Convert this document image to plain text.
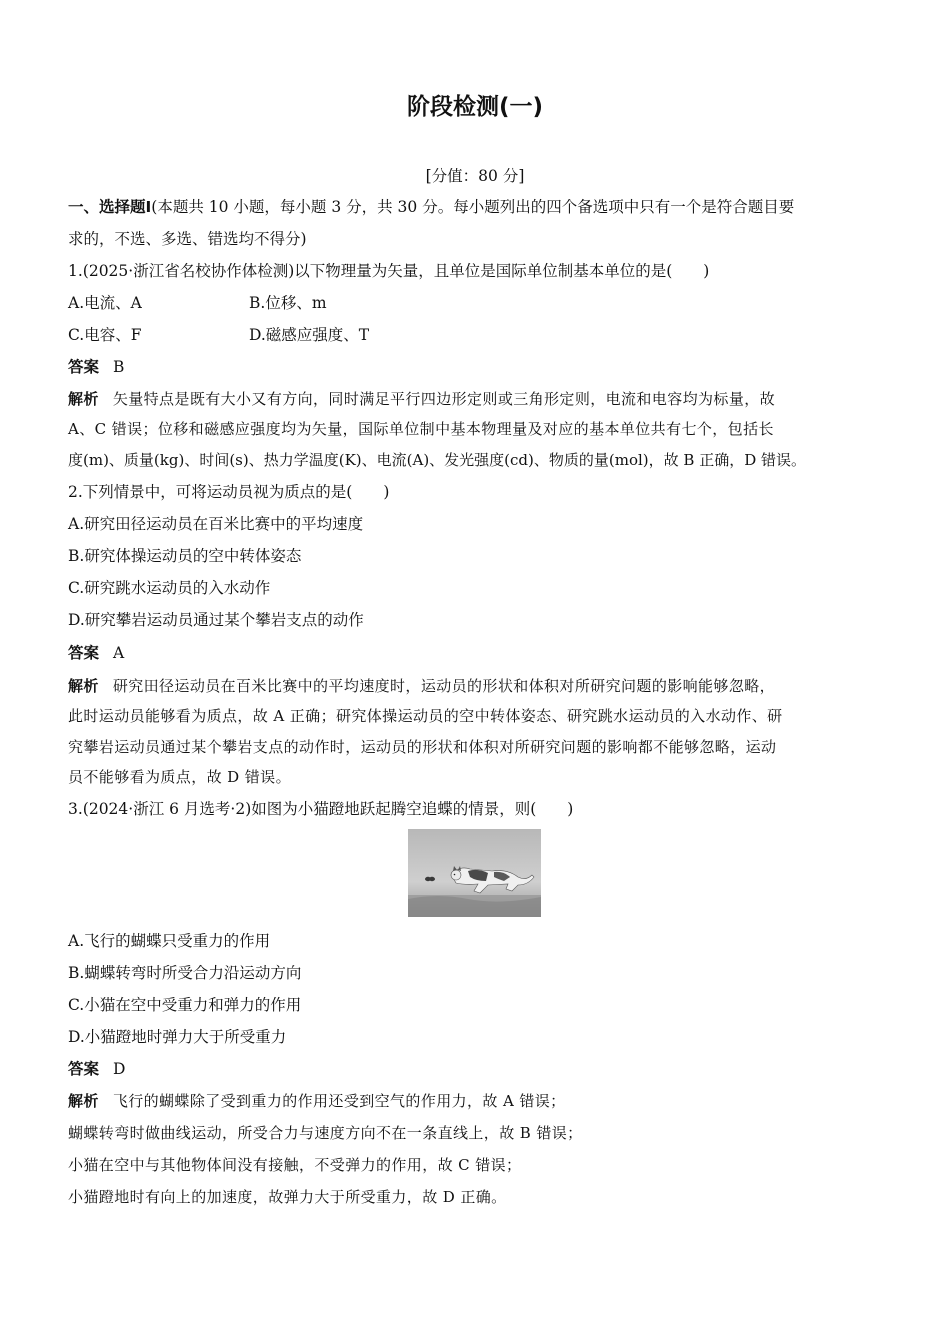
阶段检测(一)
[分值：80 分]
一、选择题Ⅰ(本题共 10 小题，每小题 3 分，共 30 分。每小题列出的四个备选项中只有一个是符合题目要
求的，不选、多选、错选均不得分)
1.(2025·浙江省名校协作体检测)以下物理量为矢量，且单位是国际单位制基本单位的是(　　)
A.电流、A	B.位移、m
C.电容、F	D.磁感应强度、T
答案 B
解析 矢量特点是既有大小又有方向，同时满足平行四边形定则或三角形定则，电流和电容均为标量，故
A、C 错误；位移和磁感应强度均为矢量，国际单位制中基本物理量及对应的基本单位共有七个，包括长
度(m)、质量(kg)、时间(s)、热力学温度(K)、电流(A)、发光强度(cd)、物质的量(mol)，故 B 正确，D 错误。
2.下列情景中，可将运动员视为质点的是(　　)
A.研究田径运动员在百米比赛中的平均速度
B.研究体操运动员的空中转体姿态
C.研究跳水运动员的入水动作
D.研究攀岩运动员通过某个攀岩支点的动作
答案 A
解析 研究田径运动员在百米比赛中的平均速度时，运动员的形状和体积对所研究问题的影响能够忽略，
此时运动员能够看为质点，故 A 正确；研究体操运动员的空中转体姿态、研究跳水运动员的入水动作、研
究攀岩运动员通过某个攀岩支点的动作时，运动员的形状和体积对所研究问题的影响都不能够忽略，运动
员不能够看为质点，故 D 错误。
3.(2024·浙江 6 月选考·2)如图为小猫蹬地跃起腾空追蝶的情景，则(　　)
A.飞行的蝴蝶只受重力的作用
B.蝴蝶转弯时所受合力沿运动方向
C.小猫在空中受重力和弹力的作用
D.小猫蹬地时弹力大于所受重力
答案 D
解析 飞行的蝴蝶除了受到重力的作用还受到空气的作用力，故 A 错误；
蝴蝶转弯时做曲线运动，所受合力与速度方向不在一条直线上，故 B 错误；
小猫在空中与其他物体间没有接触，不受弹力的作用，故 C 错误；
小猫蹬地时有向上的加速度，故弹力大于所受重力，故 D 正确。
